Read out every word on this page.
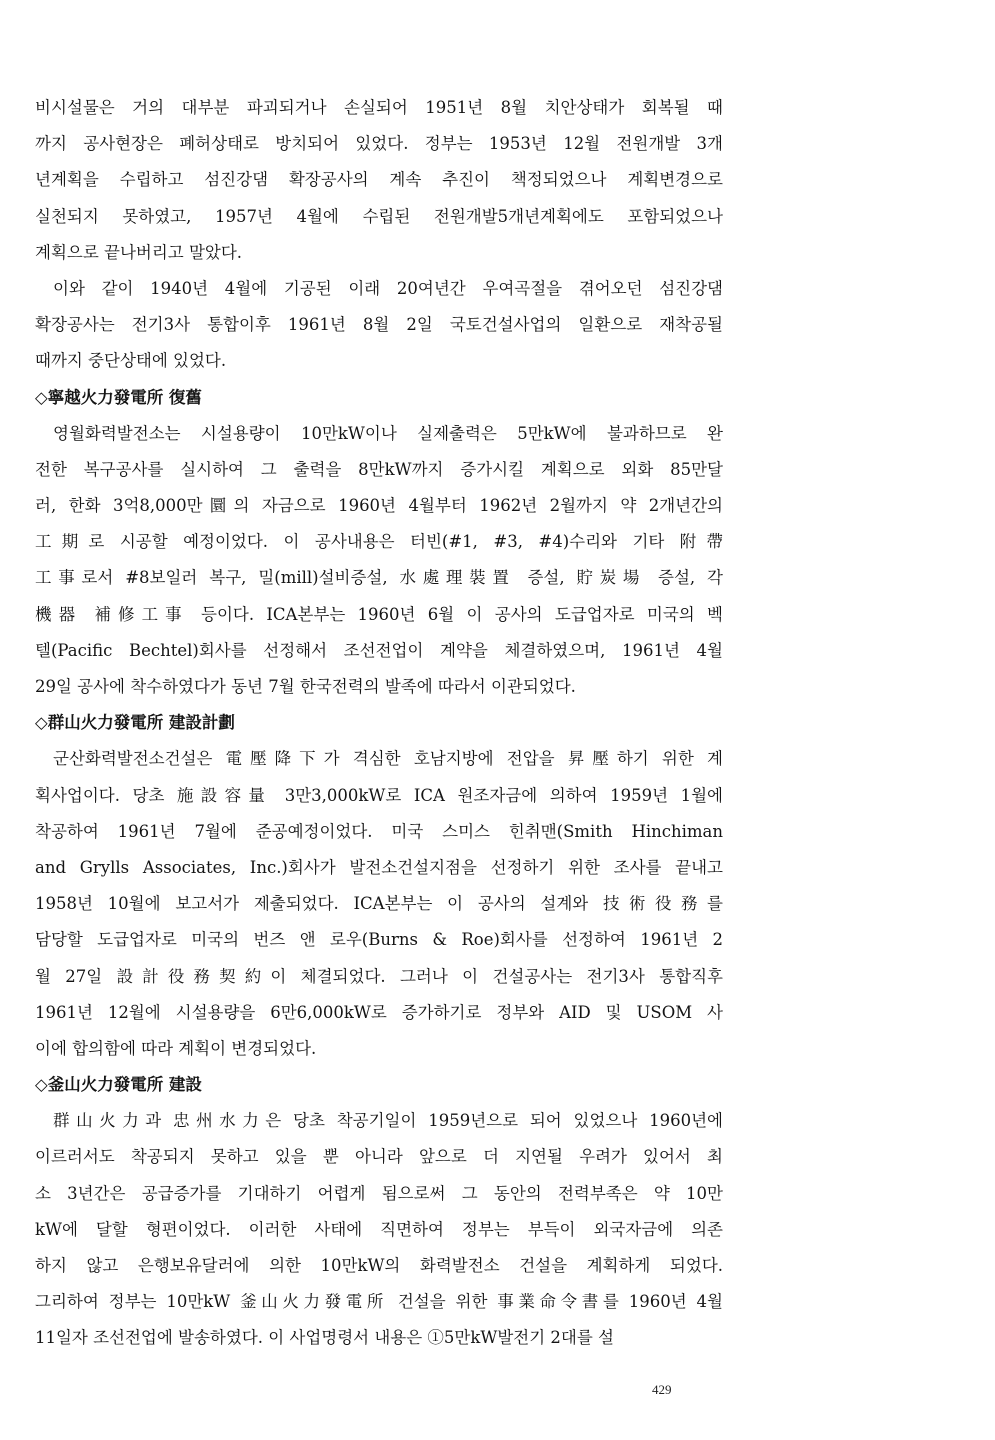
비시설물은 거의 대부분 파괴되거나 손실되어 1951년 8월 치안상태가 회복될 때
까지 공사현장은 폐허상태로 방치되어 있었다. 정부는 1953년 12월 전원개발 3개
년계획을 수립하고 섬진강댐 확장공사의 계속 추진이 책정되었으나 계획변경으로
실천되지 못하였고, 1957년 4월에 수립된 전원개발5개년계획에도 포함되었으나
계획으로 끝나버리고 말았다.
이와 같이 1940년 4월에 기공된 이래 20여년간 우여곡절을 겪어오던 섬진강댐
확장공사는 전기3사 통합이후 1961년 8월 2일 국토건설사업의 일환으로 재착공될
때까지 중단상태에 있었다.
◇寧越火力發電所 復舊
영월화력발전소는 시설용량이 10만kW이나 실제출력은 5만kW에 불과하므로 완
전한 복구공사를 실시하여 그 출력을 8만kW까지 증가시킬 계획으로 외화 85만달
러, 한화 3억8,000만圜의 자금으로 1960년 4월부터 1962년 2월까지 약 2개년간의
工期로 시공할 예정이었다. 이 공사내용은 터빈(#1, #3, #4)수리와 기타 附帶
工事로서 #8보일러 복구, 밀(mill)설비증설, 水處理裝置 증설, 貯炭場 증설, 각
機器 補修工事 등이다. ICA본부는 1960년 6월 이 공사의 도급업자로 미국의 벡
텔(Pacific Bechtel)회사를 선정해서 조선전업이 계약을 체결하였으며, 1961년 4월
29일 공사에 착수하였다가 동년 7월 한국전력의 발족에 따라서 이관되었다.
◇群山火力發電所 建設計劃
군산화력발전소건설은 電壓降下가 격심한 호남지방에 전압을 昇壓하기 위한 계
획사업이다. 당초 施設容量 3만3,000kW로 ICA 원조자금에 의하여 1959년 1월에
착공하여 1961년 7월에 준공예정이었다. 미국 스미스 힌취맨(Smith Hinchiman
and Grylls Associates, Inc.)회사가 발전소건설지점을 선정하기 위한 조사를 끝내고
1958년 10월에 보고서가 제출되었다. ICA본부는 이 공사의 설계와 技術役務를
담당할 도급업자로 미국의 번즈 앤 로우(Burns & Roe)회사를 선정하여 1961년 2
월 27일 設計役務契約이 체결되었다. 그러나 이 건설공사는 전기3사 통합직후
1961년 12월에 시설용량을 6만6,000kW로 증가하기로 정부와 AID 및 USOM 사
이에 합의함에 따라 계획이 변경되었다.
◇釜山火力發電所 建設
群山火力과 忠州水力은 당초 착공기일이 1959년으로 되어 있었으나 1960년에
이르러서도 착공되지 못하고 있을 뿐 아니라 앞으로 더 지연될 우려가 있어서 최
소 3년간은 공급증가를 기대하기 어렵게 됨으로써 그 동안의 전력부족은 약 10만
kW에 달할 형편이었다. 이러한 사태에 직면하여 정부는 부득이 외국자금에 의존
하지 않고 은행보유달러에 의한 10만kW의 화력발전소 건설을 계획하게 되었다.
그리하여 정부는 10만kW 釜山火力發電所 건설을 위한 事業命令書를 1960년 4월
11일자 조선전업에 발송하였다. 이 사업명령서 내용은 ①5만kW발전기 2대를 설
429
